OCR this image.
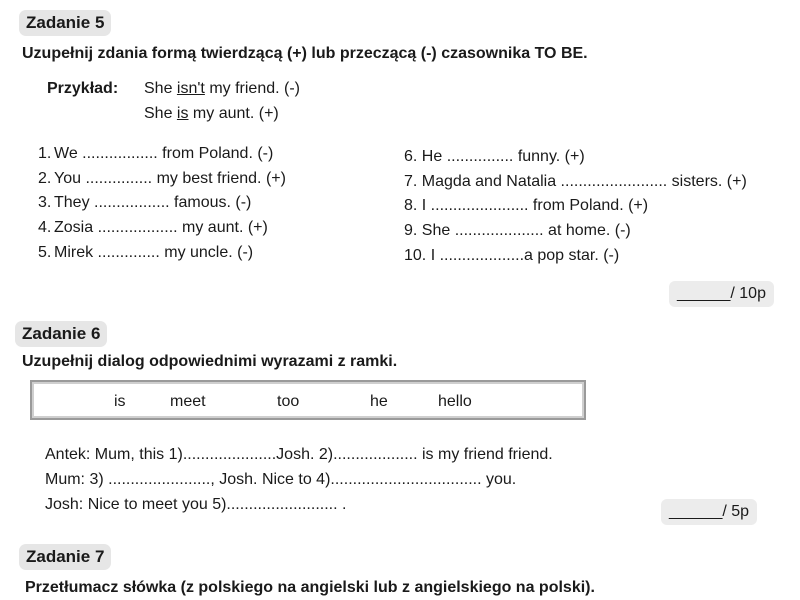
Zadanie 5
Uzupełnij zdania formą twierdzącą (+) lub przeczącą (-) czasownika TO BE.
Przykład: She isn't my friend. (-)
She is my aunt. (+)
1. We ................. from Poland. (-)
2. You ............... my best friend. (+)
3. They ................. famous. (-)
4. Zosia .................. my aunt. (+)
5. Mirek .............. my uncle. (-)
6. He ............... funny. (+)
7. Magda and Natalia ........................ sisters. (+)
8. I ...................... from Poland. (+)
9. She .................... at home. (-)
10. I ...................a pop star. (-)
______/ 10p
Zadanie 6
Uzupełnij dialog odpowiednimi wyrazami z ramki.
is	meet	too	he	hello
Antek: Mum, this 1).....................Josh. 2)................... is my friend friend.
Mum: 3) ......................., Josh. Nice to 4).................................. you.
Josh: Nice to meet you 5)......................... .	______/ 5p
Zadanie 7
Przetłumacz słówka (z polskiego na angielski lub z angielskiego na polski).
